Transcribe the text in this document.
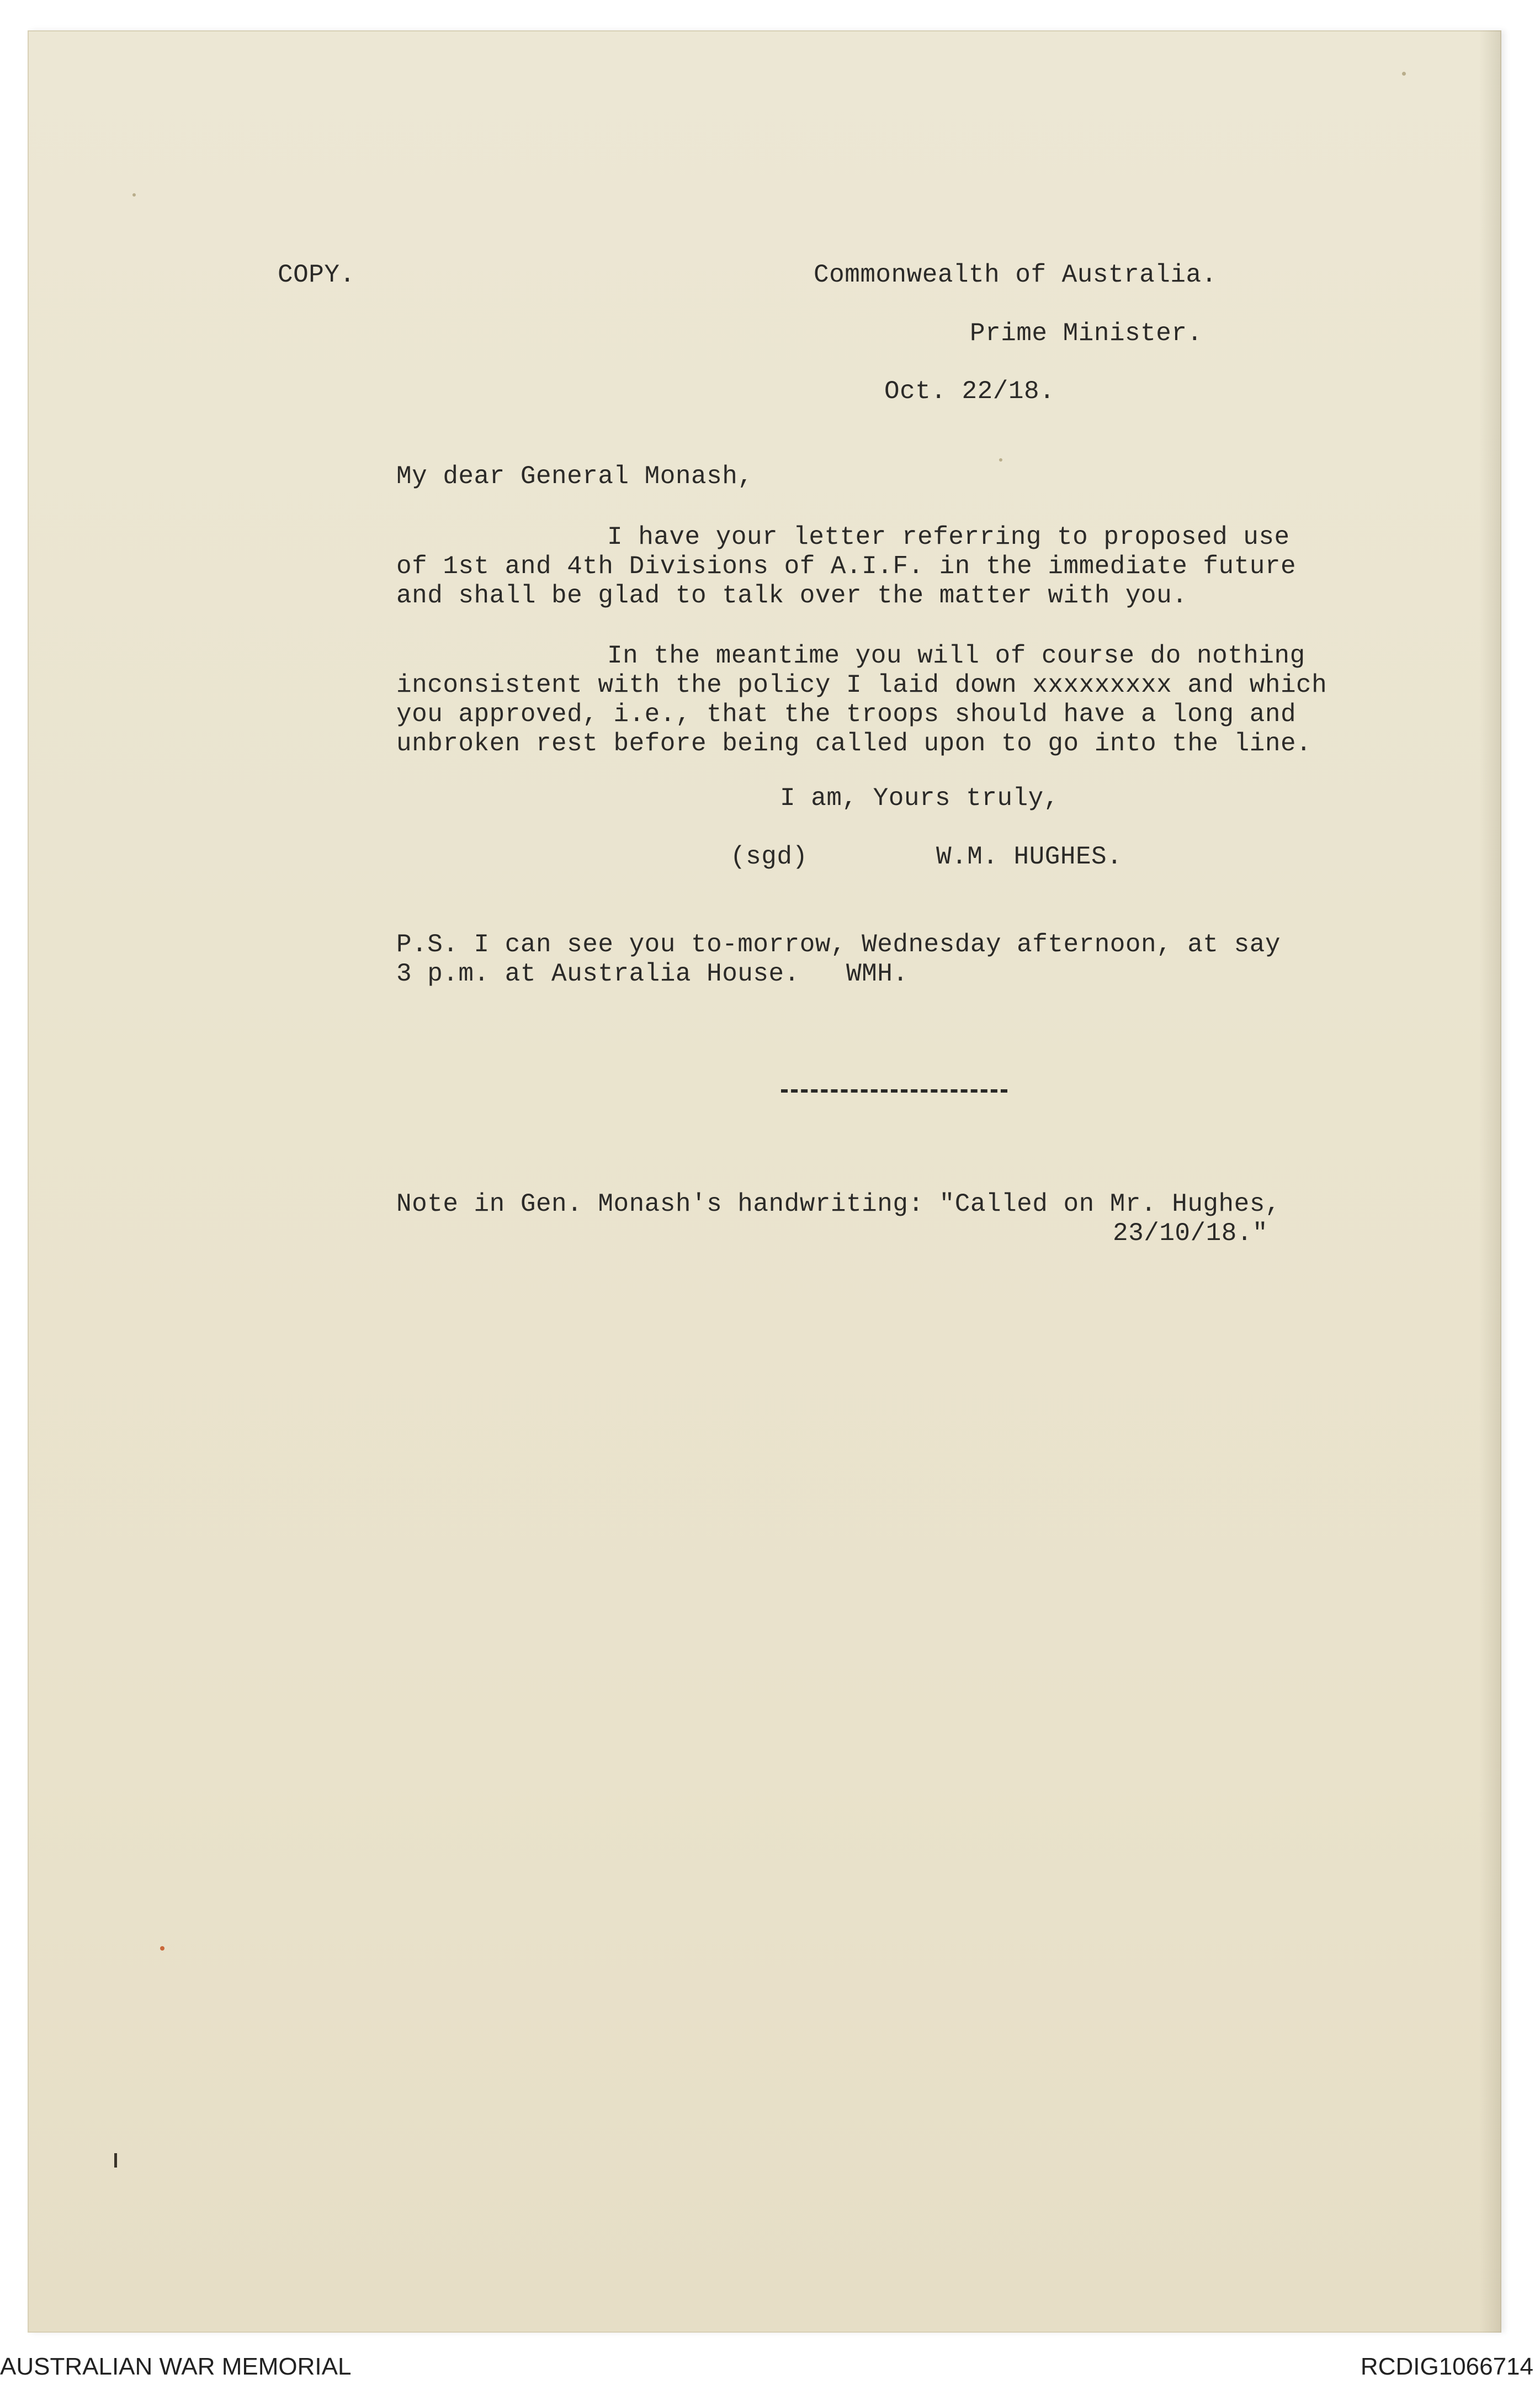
COPY.	Commonwealth of Australia.
Prime Minister.
Oct. 22/18.
My dear General Monash,
I have your letter referring to proposed use
of 1st and 4th Divisions of A.I.F. in the immediate future
and shall be glad to talk over the matter with you.
In the meantime you will of course do nothing
inconsistent with the policy I laid down xxxxxxxxx and which
you approved, i.e., that the troops should have a long and
unbroken rest before being called upon to go into the line.
I am, Yours truly,
(sgd)	W.M. HUGHES.
P.S. I can see you to-morrow, Wednesday afternoon, at say
3 p.m. at Australia House.   WMH.
Note in Gen. Monash's handwriting: "Called on Mr. Hughes,
23/10/18."
AUSTRALIAN WAR MEMORIAL	RCDIG1066714
